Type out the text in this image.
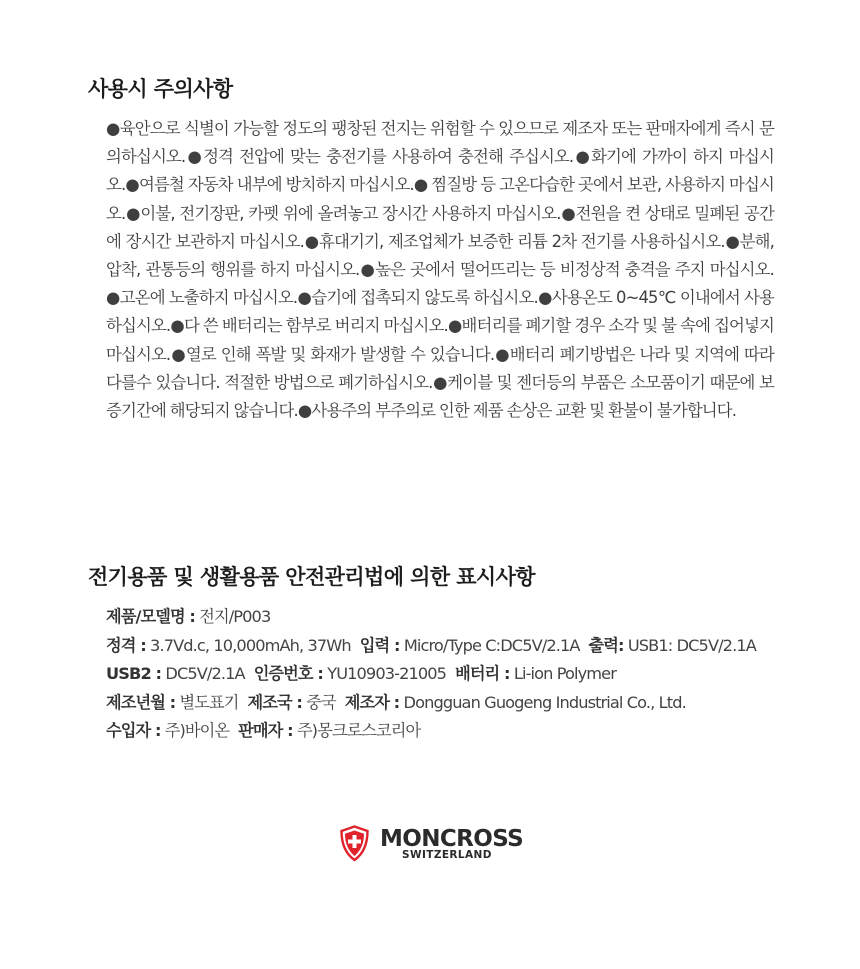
사용시 주의사항
●육안으로 식별이 가능할 정도의 팽창된 전지는 위험할 수 있으므로 제조자 또는 판매자에게 즉시 문의하십시오.●정격 전압에 맞는 충전기를 사용하여 충전해 주십시오.●화기에 가까이 하지 마십시오.●여름철 자동차 내부에 방치하지 마십시오.● 찜질방 등 고온다습한 곳에서 보관, 사용하지 마십시오.●이불, 전기장판, 카펫 위에 올려놓고 장시간 사용하지 마십시오.●전원을 켠 상태로 밀폐된 공간에 장시간 보관하지 마십시오.●휴대기기, 제조업체가 보증한 리튬 2차 전기를 사용하십시오.●분해, 압착, 관통등의 행위를 하지 마십시오.●높은 곳에서 떨어뜨리는 등 비정상적 충격을 주지 마십시오. ●고온에 노출하지 마십시오.●습기에 접촉되지 않도록 하십시오.●사용온도 0~45℃ 이내에서 사용하십시오.●다 쓴 배터리는 함부로 버리지 마십시오.●배터리를 폐기할 경우 소각 및 불 속에 집어넣지 마십시오.●열로 인해 폭발 및 화재가 발생할 수 있습니다.●배터리 폐기방법은 나라 및 지역에 따라 다를수 있습니다. 적절한 방법으로 폐기하십시오.●케이블 및 젠더등의 부품은 소모품이기 때문에 보증기간에 해당되지 않습니다.●사용주의 부주의로 인한 제품 손상은 교환 및 환불이 불가합니다.
전기용품 및 생활용품 안전관리법에 의한 표시사항
제품/모델명 : 전지/P003
정격 : 3.7Vd.c, 10,000mAh, 37Wh 입력 : Micro/Type C:DC5V/2.1A 출력: USB1: DC5V/2.1A
USB2 : DC5V/2.1A 인증번호 : YU10903-21005 배터리 : Li-ion Polymer
제조년월 : 별도표기 제조국 : 중국 제조자 : Dongguan Guogeng Industrial Co., Ltd.
수입자 : 주)바이온 판매자 : 주)몽크로스코리아
MONCROSS
SWITZERLAND
